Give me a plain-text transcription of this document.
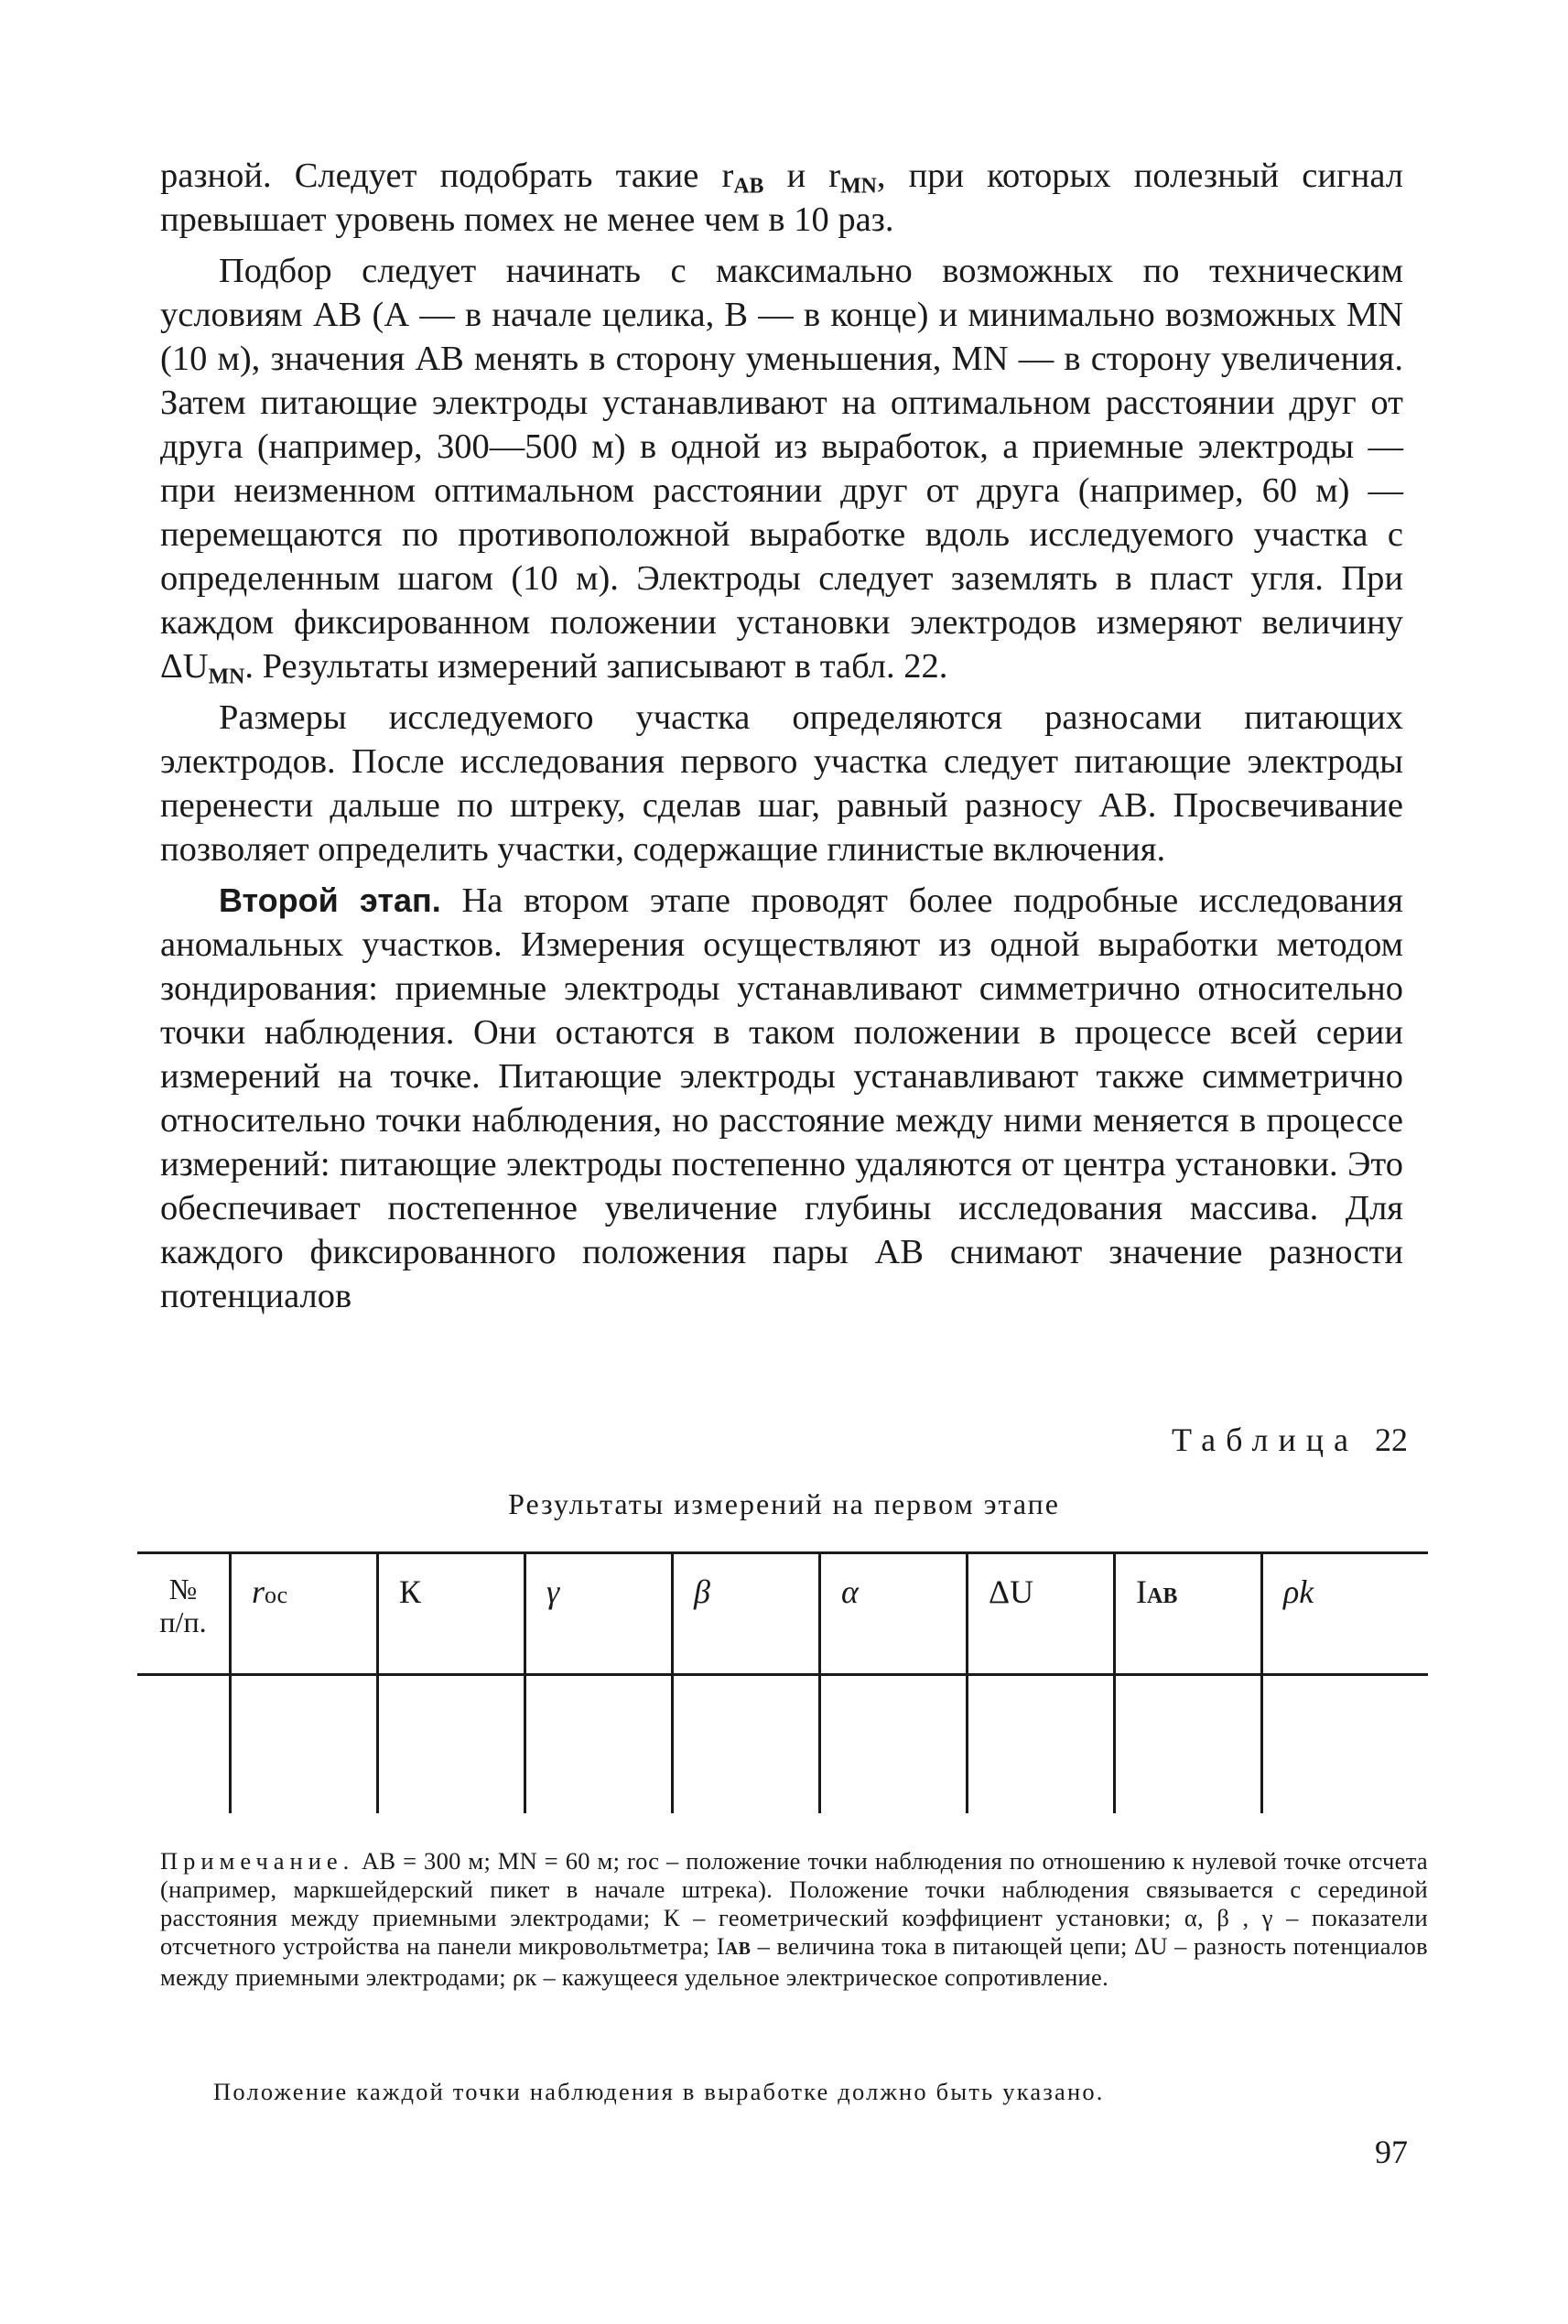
разной. Следует подобрать такие $r_{AB}$ и $r_{MN}$, при которых полезный сигнал превышает уровень помех не менее чем в 10 раз.

Подбор следует начинать с максимально возможных по техническим условиям АВ (А — в начале целика, В — в конце) и минимально возможных MN (10 м), значения АВ менять в сторону уменьшения, MN — в сторону увеличения. Затем питающие электроды устанавливают на оптимальном расстоянии друг от друга (например, 300—500 м) в одной из выработок, а приемные электроды — при неизменном оптимальном расстоянии друг от друга (например, 60 м) — перемещаются по противоположной выработке вдоль исследуемого участка с определенным шагом (10 м). Электроды следует заземлять в пласт угля. При каждом фиксированном положении установки электродов измеряют величину $\Delta U_{MN}$. Результаты измерений записывают в табл. 22.

Размеры исследуемого участка определяются разносами питающих электродов. После исследования первого участка следует питающие электроды перенести дальше по штреку, сделав шаг, равный разносу АВ. Просвечивание позволяет определить участки, содержащие глинистые включения.

Второй этап. На втором этапе проводят более подробные исследования аномальных участков. Измерения осуществляют из одной выработки методом зондирования: приемные электроды устанавливают симметрично относительно точки наблюдения. Они остаются в таком положении в процессе всей серии измерений на точке. Питающие электроды устанавливают также симметрично относительно точки наблюдения, но расстояние между ними меняется в процессе измерений: питающие электроды постепенно удаляются от центра установки. Это обеспечивает постепенное увеличение глубины исследования массива. Для каждого фиксированного положения пары АВ снимают значение разности потенциалов

Таблица 22
Результаты измерений на первом этапе
№
п/п.	rос	К	γ	β	α	ΔU	IAB	ρk

Примечание. АВ = 300 м; MN = 60 м; rос – положение точки наблюдения по отношению к нулевой точке отсчета (например, маркшейдерский пикет в начале штрека). Положение точки наблюдения связывается с серединой расстояния между приемными электродами; К – геометрический коэффициент установки; α, β , γ – показатели отсчетного устройства на панели микровольтметра; IAB – величина тока в питающей цепи; ΔU – разность потенциалов между приемными электродами; ρк – кажущееся удельное электрическое сопротивление.

Положение каждой точки наблюдения в выработке должно быть указано.

97
